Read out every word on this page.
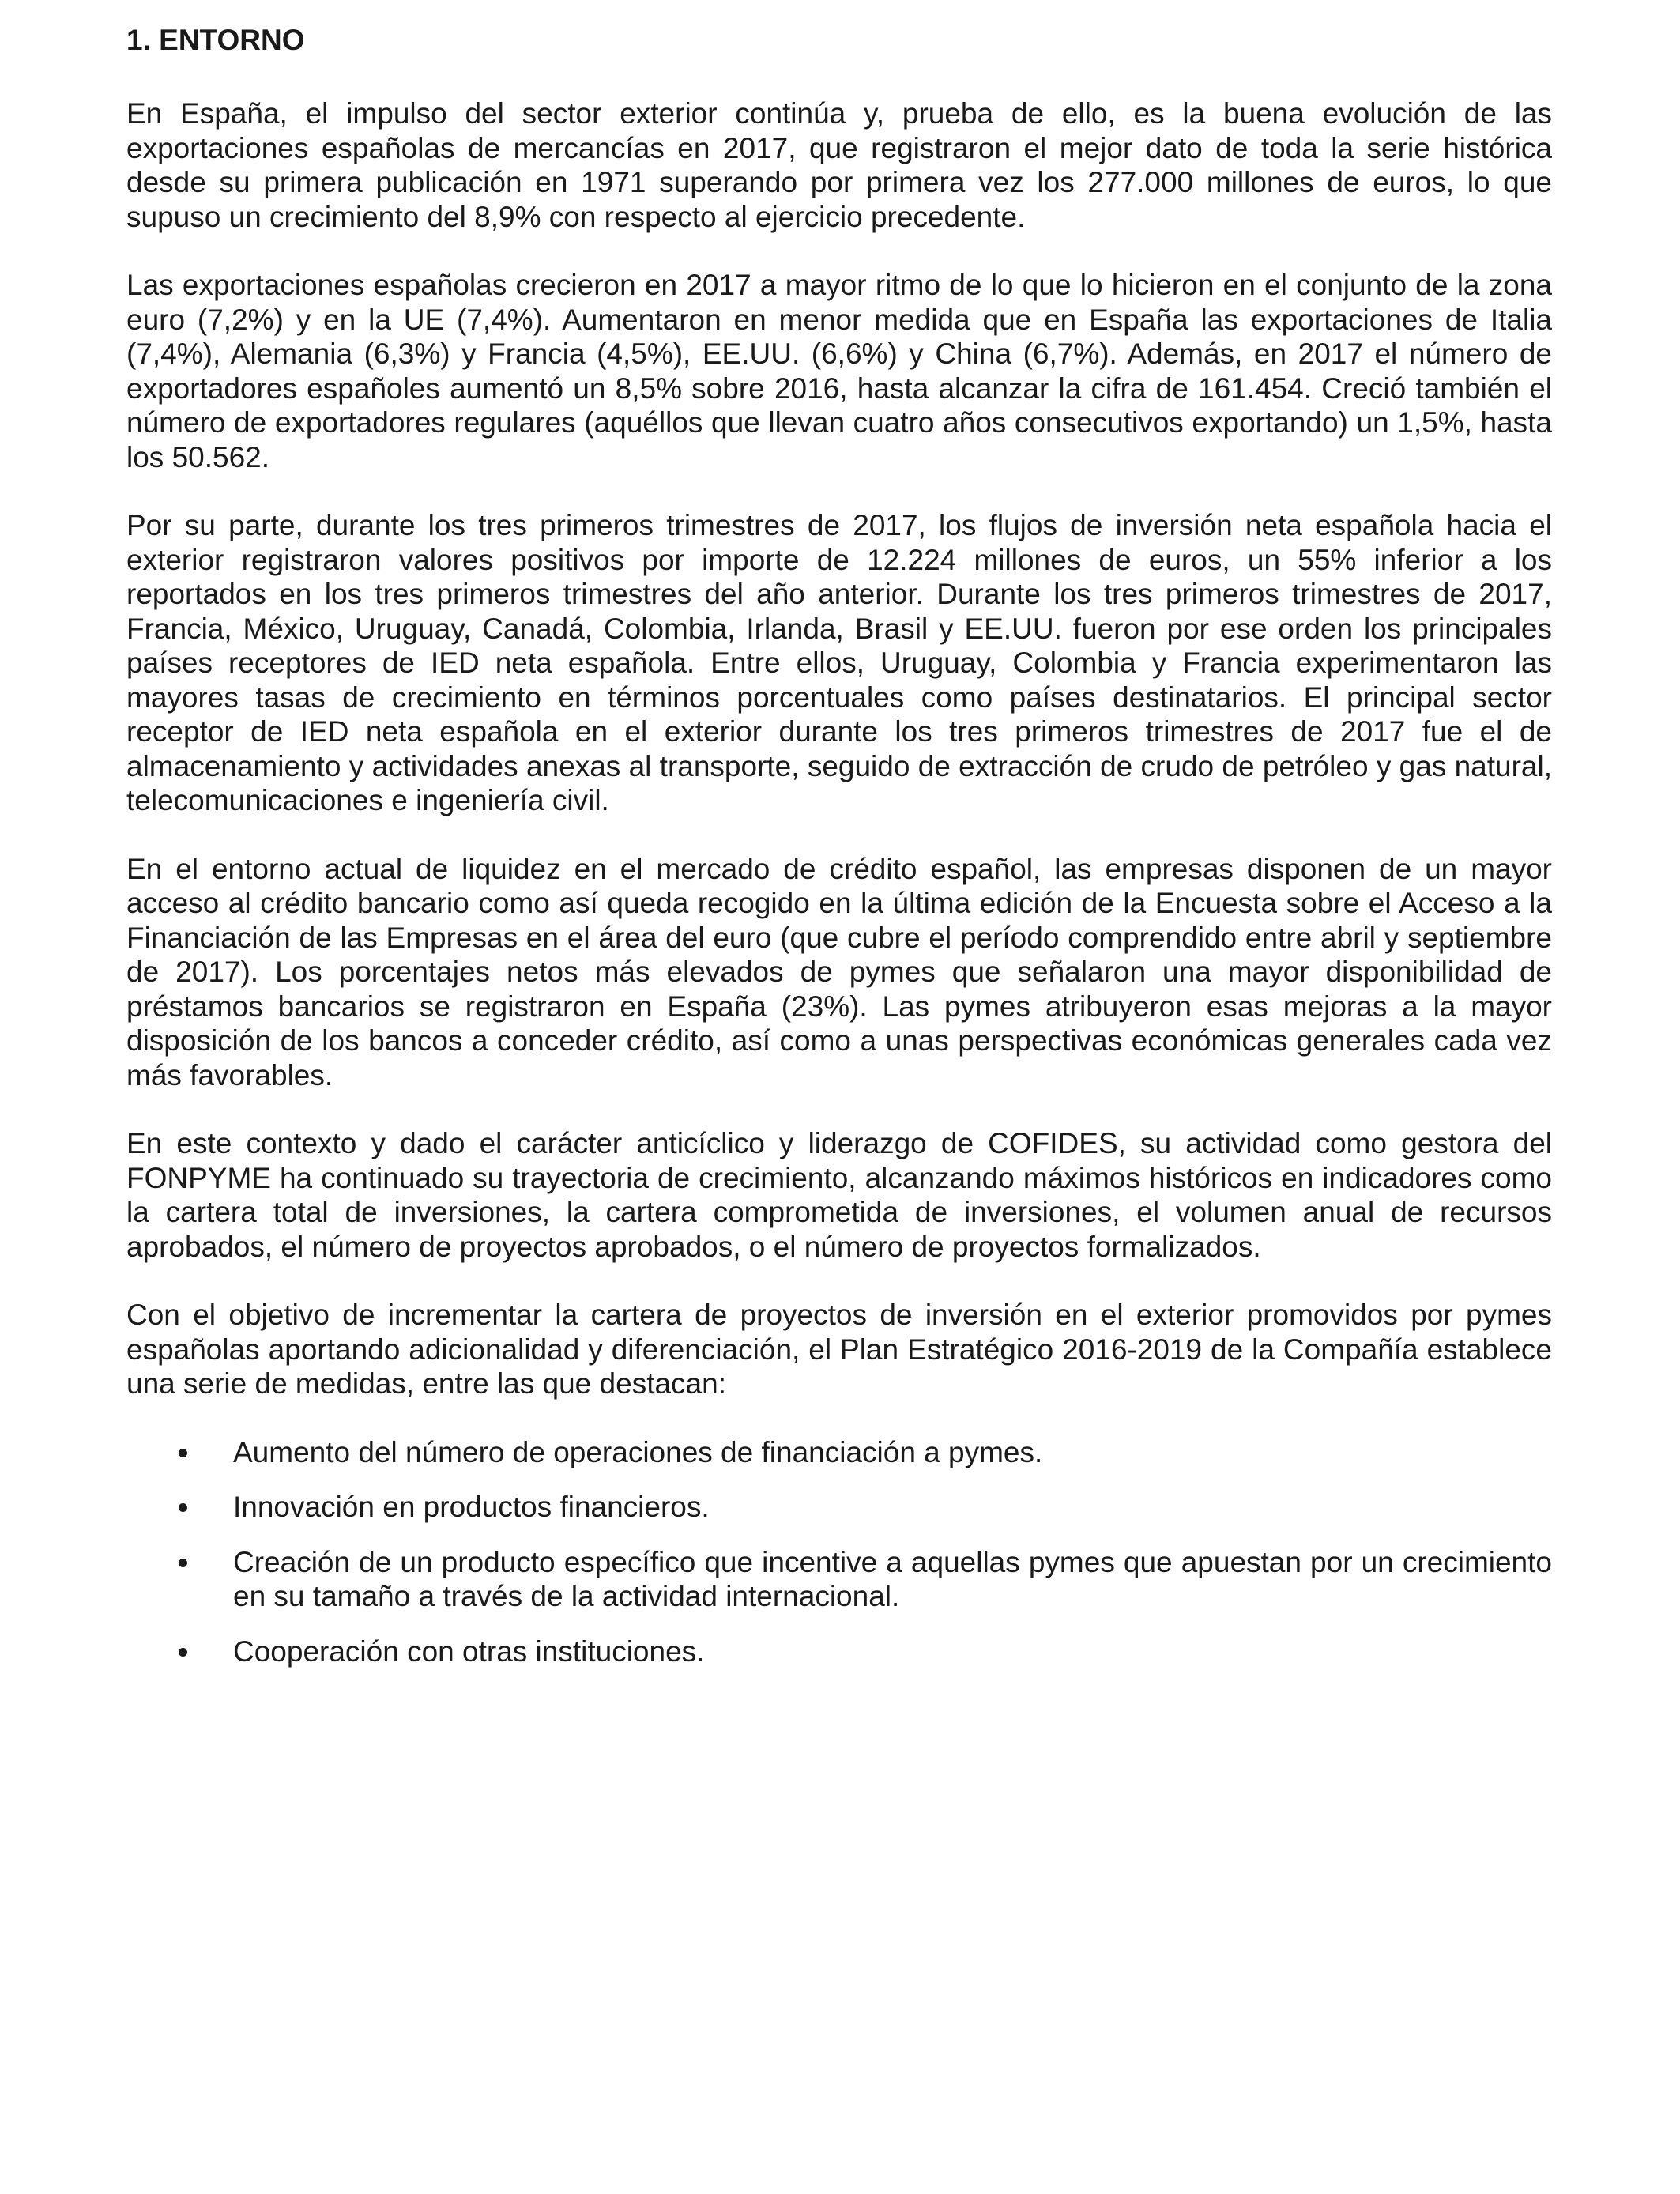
1. ENTORNO

En España, el impulso del sector exterior continúa y, prueba de ello, es la buena evolución de las exportaciones españolas de mercancías en 2017, que registraron el mejor dato de toda la serie histórica desde su primera publicación en 1971 superando por primera vez los 277.000 millones de euros, lo que supuso un crecimiento del 8,9% con respecto al ejercicio precedente.

Las exportaciones españolas crecieron en 2017 a mayor ritmo de lo que lo hicieron en el conjunto de la zona euro (7,2%) y en la UE (7,4%). Aumentaron en menor medida que en España las exportaciones de Italia (7,4%), Alemania (6,3%) y Francia (4,5%), EE.UU. (6,6%) y China (6,7%). Además, en 2017 el número de exportadores españoles aumentó un 8,5% sobre 2016, hasta alcanzar la cifra de 161.454. Creció también el número de exportadores regulares (aquéllos que llevan cuatro años consecutivos exportando) un 1,5%, hasta los 50.562.

Por su parte, durante los tres primeros trimestres de 2017, los flujos de inversión neta española hacia el exterior registraron valores positivos por importe de 12.224 millones de euros, un 55% inferior a los reportados en los tres primeros trimestres del año anterior. Durante los tres primeros trimestres de 2017, Francia, México, Uruguay, Canadá, Colombia, Irlanda, Brasil y EE.UU. fueron por ese orden los principales países receptores de IED neta española. Entre ellos, Uruguay, Colombia y Francia experimentaron las mayores tasas de crecimiento en términos porcentuales como países destinatarios. El principal sector receptor de IED neta española en el exterior durante los tres primeros trimestres de 2017 fue el de almacenamiento y actividades anexas al transporte, seguido de extracción de crudo de petróleo y gas natural, telecomunicaciones e ingeniería civil.

En el entorno actual de liquidez en el mercado de crédito español, las empresas disponen de un mayor acceso al crédito bancario como así queda recogido en la última edición de la Encuesta sobre el Acceso a la Financiación de las Empresas en el área del euro (que cubre el período comprendido entre abril y septiembre de 2017). Los porcentajes netos más elevados de pymes que señalaron una mayor disponibilidad de préstamos bancarios se registraron en España (23%). Las pymes atribuyeron esas mejoras a la mayor disposición de los bancos a conceder crédito, así como a unas perspectivas económicas generales cada vez más favorables.

En este contexto y dado el carácter anticíclico y liderazgo de COFIDES, su actividad como gestora del FONPYME ha continuado su trayectoria de crecimiento, alcanzando máximos históricos en indicadores como la cartera total de inversiones, la cartera comprometida de inversiones, el volumen anual de recursos aprobados, el número de proyectos aprobados, o el número de proyectos formalizados.

Con el objetivo de incrementar la cartera de proyectos de inversión en el exterior promovidos por pymes españolas aportando adicionalidad y diferenciación, el Plan Estratégico 2016-2019 de la Compañía establece una serie de medidas, entre las que destacan:

Aumento del número de operaciones de financiación a pymes.
Innovación en productos financieros.
Creación de un producto específico que incentive a aquellas pymes que apuestan por un crecimiento en su tamaño a través de la actividad internacional.
Cooperación con otras instituciones.
